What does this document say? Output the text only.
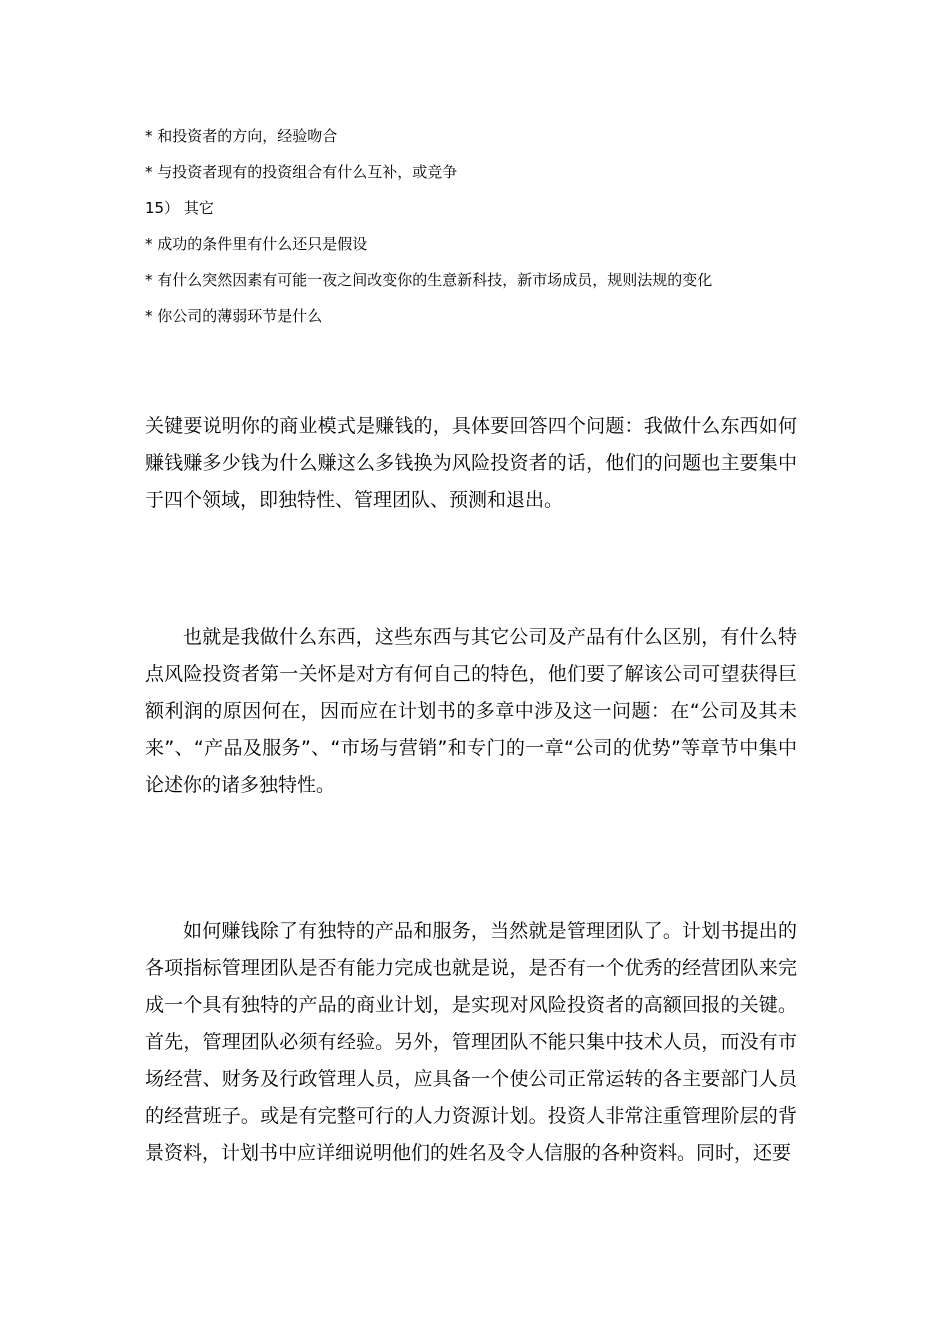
* 和投资者的方向，经验吻合
* 与投资者现有的投资组合有什么互补，或竞争
15） 其它
* 成功的条件里有什么还只是假设
* 有什么突然因素有可能一夜之间改变你的生意新科技，新市场成员，规则法规的变化
* 你公司的薄弱环节是什么

关键要说明你的商业模式是赚钱的，具体要回答四个问题：我做什么东西如何赚钱赚多少钱为什么赚这么多钱换为风险投资者的话，他们的问题也主要集中于四个领域，即独特性、管理团队、预测和退出。

也就是我做什么东西，这些东西与其它公司及产品有什么区别，有什么特点风险投资者第一关怀是对方有何自己的特色，他们要了解该公司可望获得巨额利润的原因何在，因而应在计划书的多章中涉及这一问题：在“公司及其未来”、“产品及服务”、“市场与营销”和专门的一章“公司的优势”等章节中集中论述你的诸多独特性。

如何赚钱除了有独特的产品和服务，当然就是管理团队了。计划书提出的各项指标管理团队是否有能力完成也就是说，是否有一个优秀的经营团队来完成一个具有独特的产品的商业计划，是实现对风险投资者的高额回报的关键。首先，管理团队必须有经验。另外，管理团队不能只集中技术人员，而没有市场经营、财务及行政管理人员，应具备一个使公司正常运转的各主要部门人员的经营班子。或是有完整可行的人力资源计划。投资人非常注重管理阶层的背景资料，计划书中应详细说明他们的姓名及令人信服的各种资料。同时，还要
